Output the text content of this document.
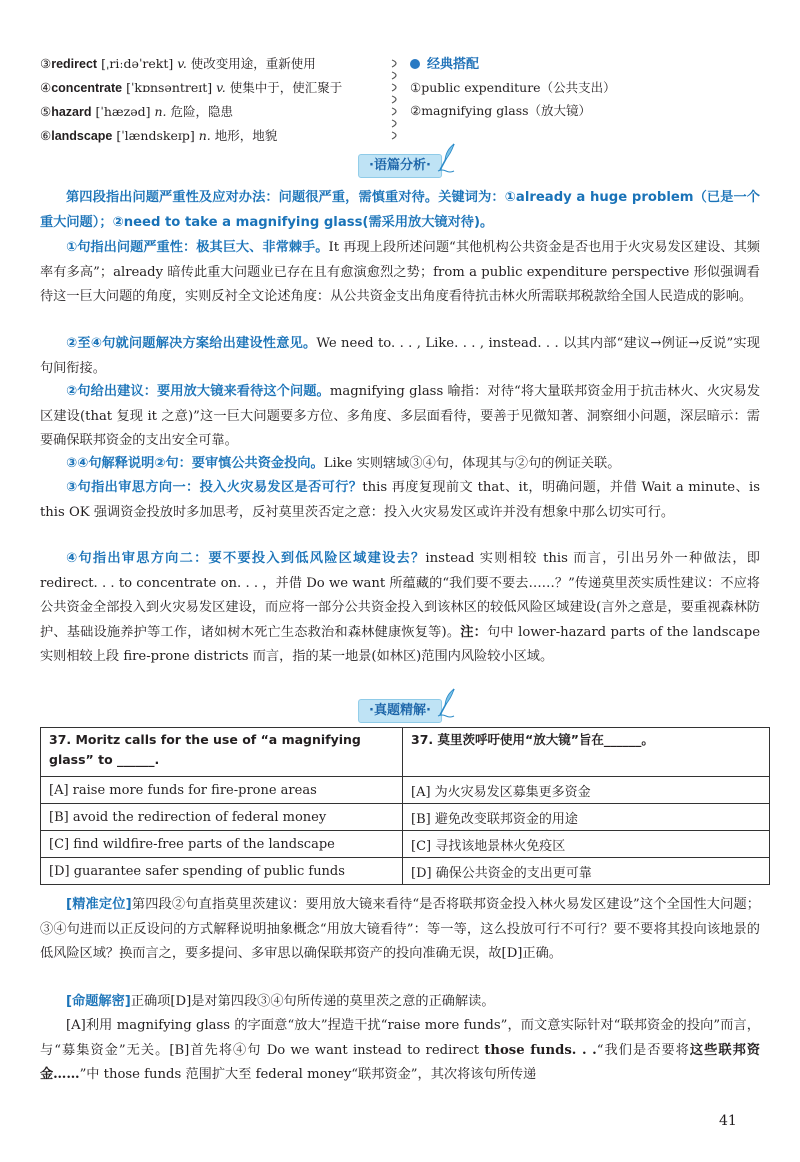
③redirect [ˌriːdəˈrekt] v. 使改变用途，重新使用
④concentrate [ˈkɒnsəntreɪt] v. 使集中于，使汇聚于
⑤hazard [ˈhæzəd] n. 危险，隐患
⑥landscape [ˈlændskeɪp] n. 地形，地貌
经典搭配
①public expenditure（公共支出）
②magnifying glass（放大镜）
·语篇分析·
第四段指出问题严重性及应对办法：问题很严重，需慎重对待。关键词为：①already a huge problem（已是一个重大问题）；②need to take a magnifying glass(需采用放大镜对待)。
①句指出问题严重性：极其巨大、非常棘手。It 再现上段所述问题“其他机构公共资金是否也用于火灾易发区建设、其频率有多高”；already 暗传此重大问题业已存在且有愈演愈烈之势；from a public expenditure perspective 形似强调看待这一巨大问题的角度，实则反衬全文论述角度：从公共资金支出角度看待抗击林火所需联邦税款给全国人民造成的影响。
②至④句就问题解决方案给出建设性意见。We need to. . . , Like. . . , instead. . . 以其内部“建议→例证→反说”实现句间衔接。
②句给出建议：要用放大镜来看待这个问题。magnifying glass 喻指：对待“将大量联邦资金用于抗击林火、火灾易发区建设(that 复现 it 之意)”这一巨大问题要多方位、多角度、多层面看待，要善于见微知著、洞察细小问题，深层暗示：需要确保联邦资金的支出安全可靠。
③④句解释说明②句：要审慎公共资金投向。Like 实则辖域③④句，体现其与②句的例证关联。
③句指出审思方向一：投入火灾易发区是否可行？this 再度复现前文 that、it，明确问题，并借 Wait a minute、is this OK 强调资金投放时多加思考，反衬莫里茨否定之意：投入火灾易发区或许并没有想象中那么切实可行。
④句指出审思方向二：要不要投入到低风险区域建设去？instead 实则相较 this 而言，引出另外一种做法，即 redirect. . . to concentrate on. . . ，并借 Do we want 所蕴藏的“我们要不要去……？”传递莫里茨实质性建议：不应将公共资金全部投入到火灾易发区建设，而应将一部分公共资金投入到该林区的较低风险区域建设(言外之意是，要重视森林防护、基础设施养护等工作，诸如树木死亡生态救治和森林健康恢复等)。注：句中 lower-hazard parts of the landscape 实则相较上段 fire-prone districts 而言，指的某一地景(如林区)范围内风险较小区域。
·真题精解·
37. Moritz calls for the use of “a magnifying glass” to ______.	37. 莫里茨呼吁使用“放大镜”旨在______。
[A] raise more funds for fire-prone areas	[A] 为火灾易发区募集更多资金
[B] avoid the redirection of federal money	[B] 避免改变联邦资金的用途
[C] find wildfire-free parts of the landscape	[C] 寻找该地景林火免疫区
[D] guarantee safer spending of public funds	[D] 确保公共资金的支出更可靠
[精准定位]第四段②句直指莫里茨建议：要用放大镜来看待“是否将联邦资金投入林火易发区建设”这个全国性大问题；③④句进而以正反设问的方式解释说明抽象概念“用放大镜看待”：等一等，这么投放可行不可行？要不要将其投向该地景的低风险区域？换而言之，要多提问、多审思以确保联邦资产的投向准确无误，故[D]正确。
[命题解密]正确项[D]是对第四段③④句所传递的莫里茨之意的正确解读。
[A]利用 magnifying glass 的字面意“放大”捏造干扰“raise more funds”，而文意实际针对“联邦资金的投向”而言，与“募集资金”无关。[B]首先将④句 Do we want instead to redirect those funds. . .“我们是否要将这些联邦资金……”中 those funds 范围扩大至 federal money“联邦资金”，其次将该句所传递
41
